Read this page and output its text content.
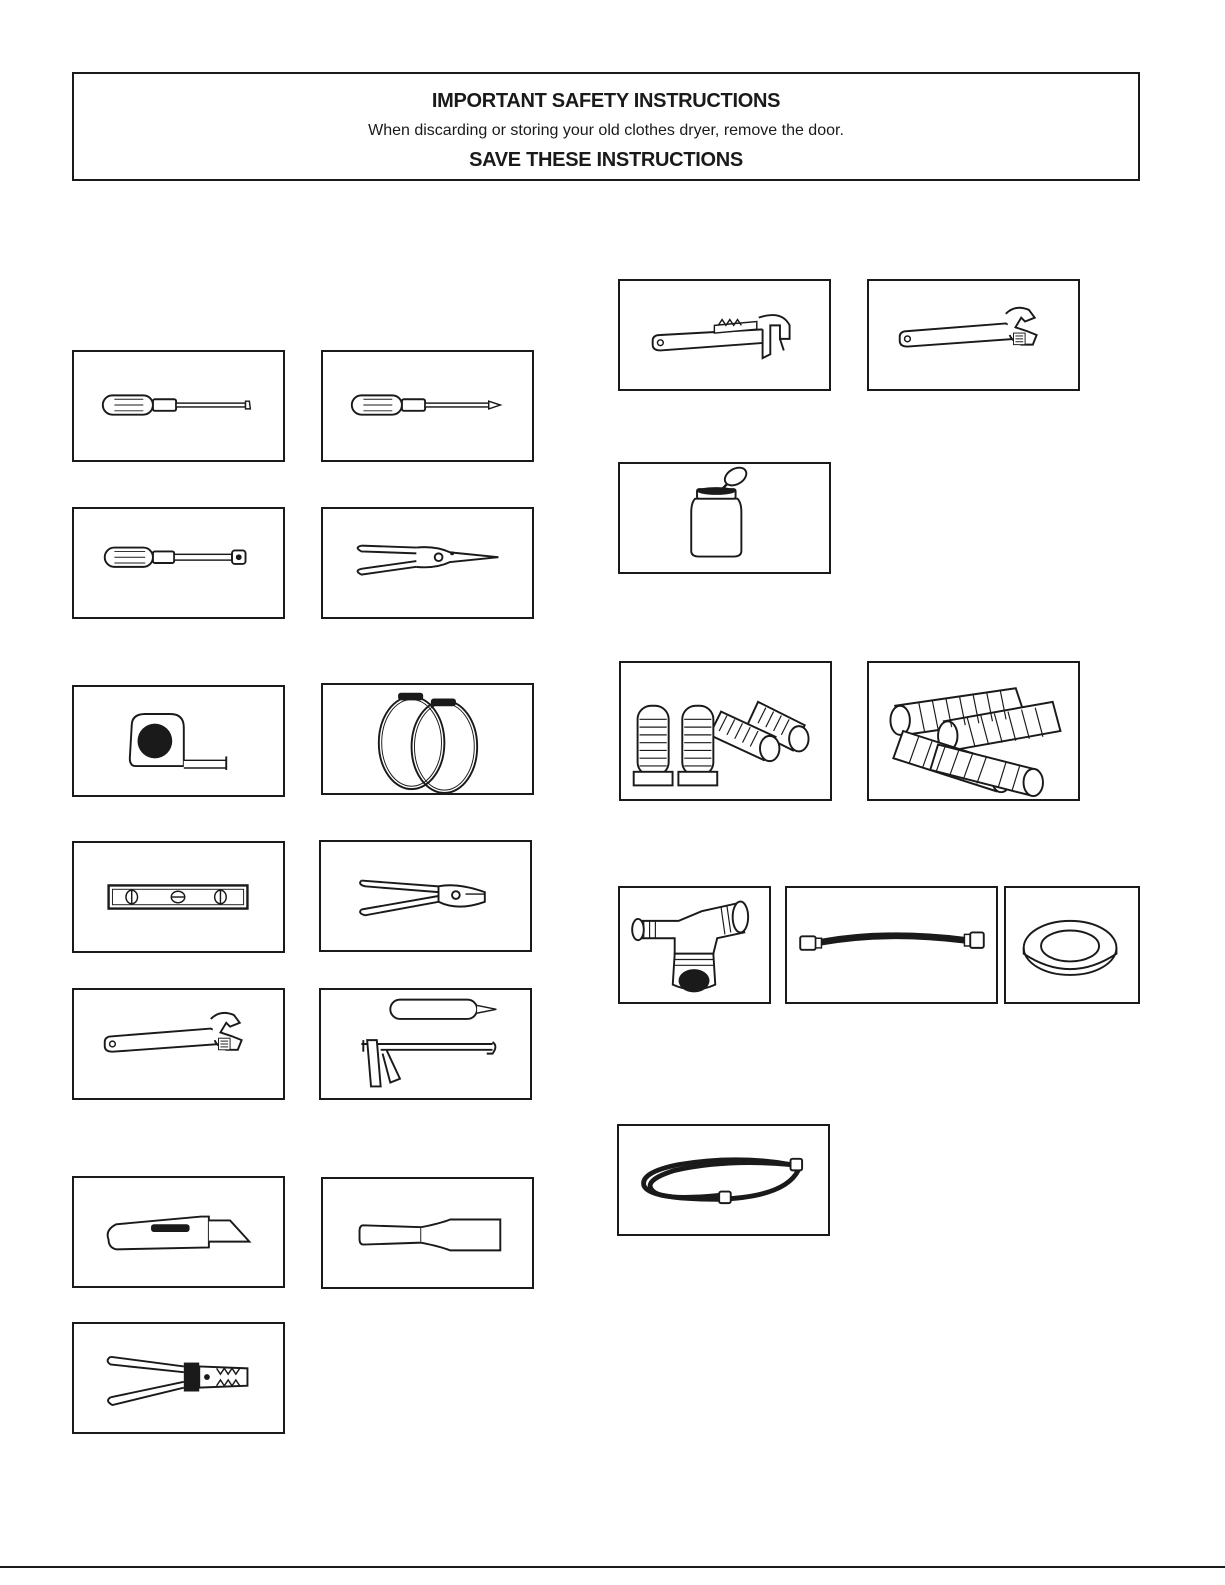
IMPORTANT SAFETY INSTRUCTIONS
When discarding or storing your old clothes dryer, remove the door.
SAVE THESE INSTRUCTIONS
